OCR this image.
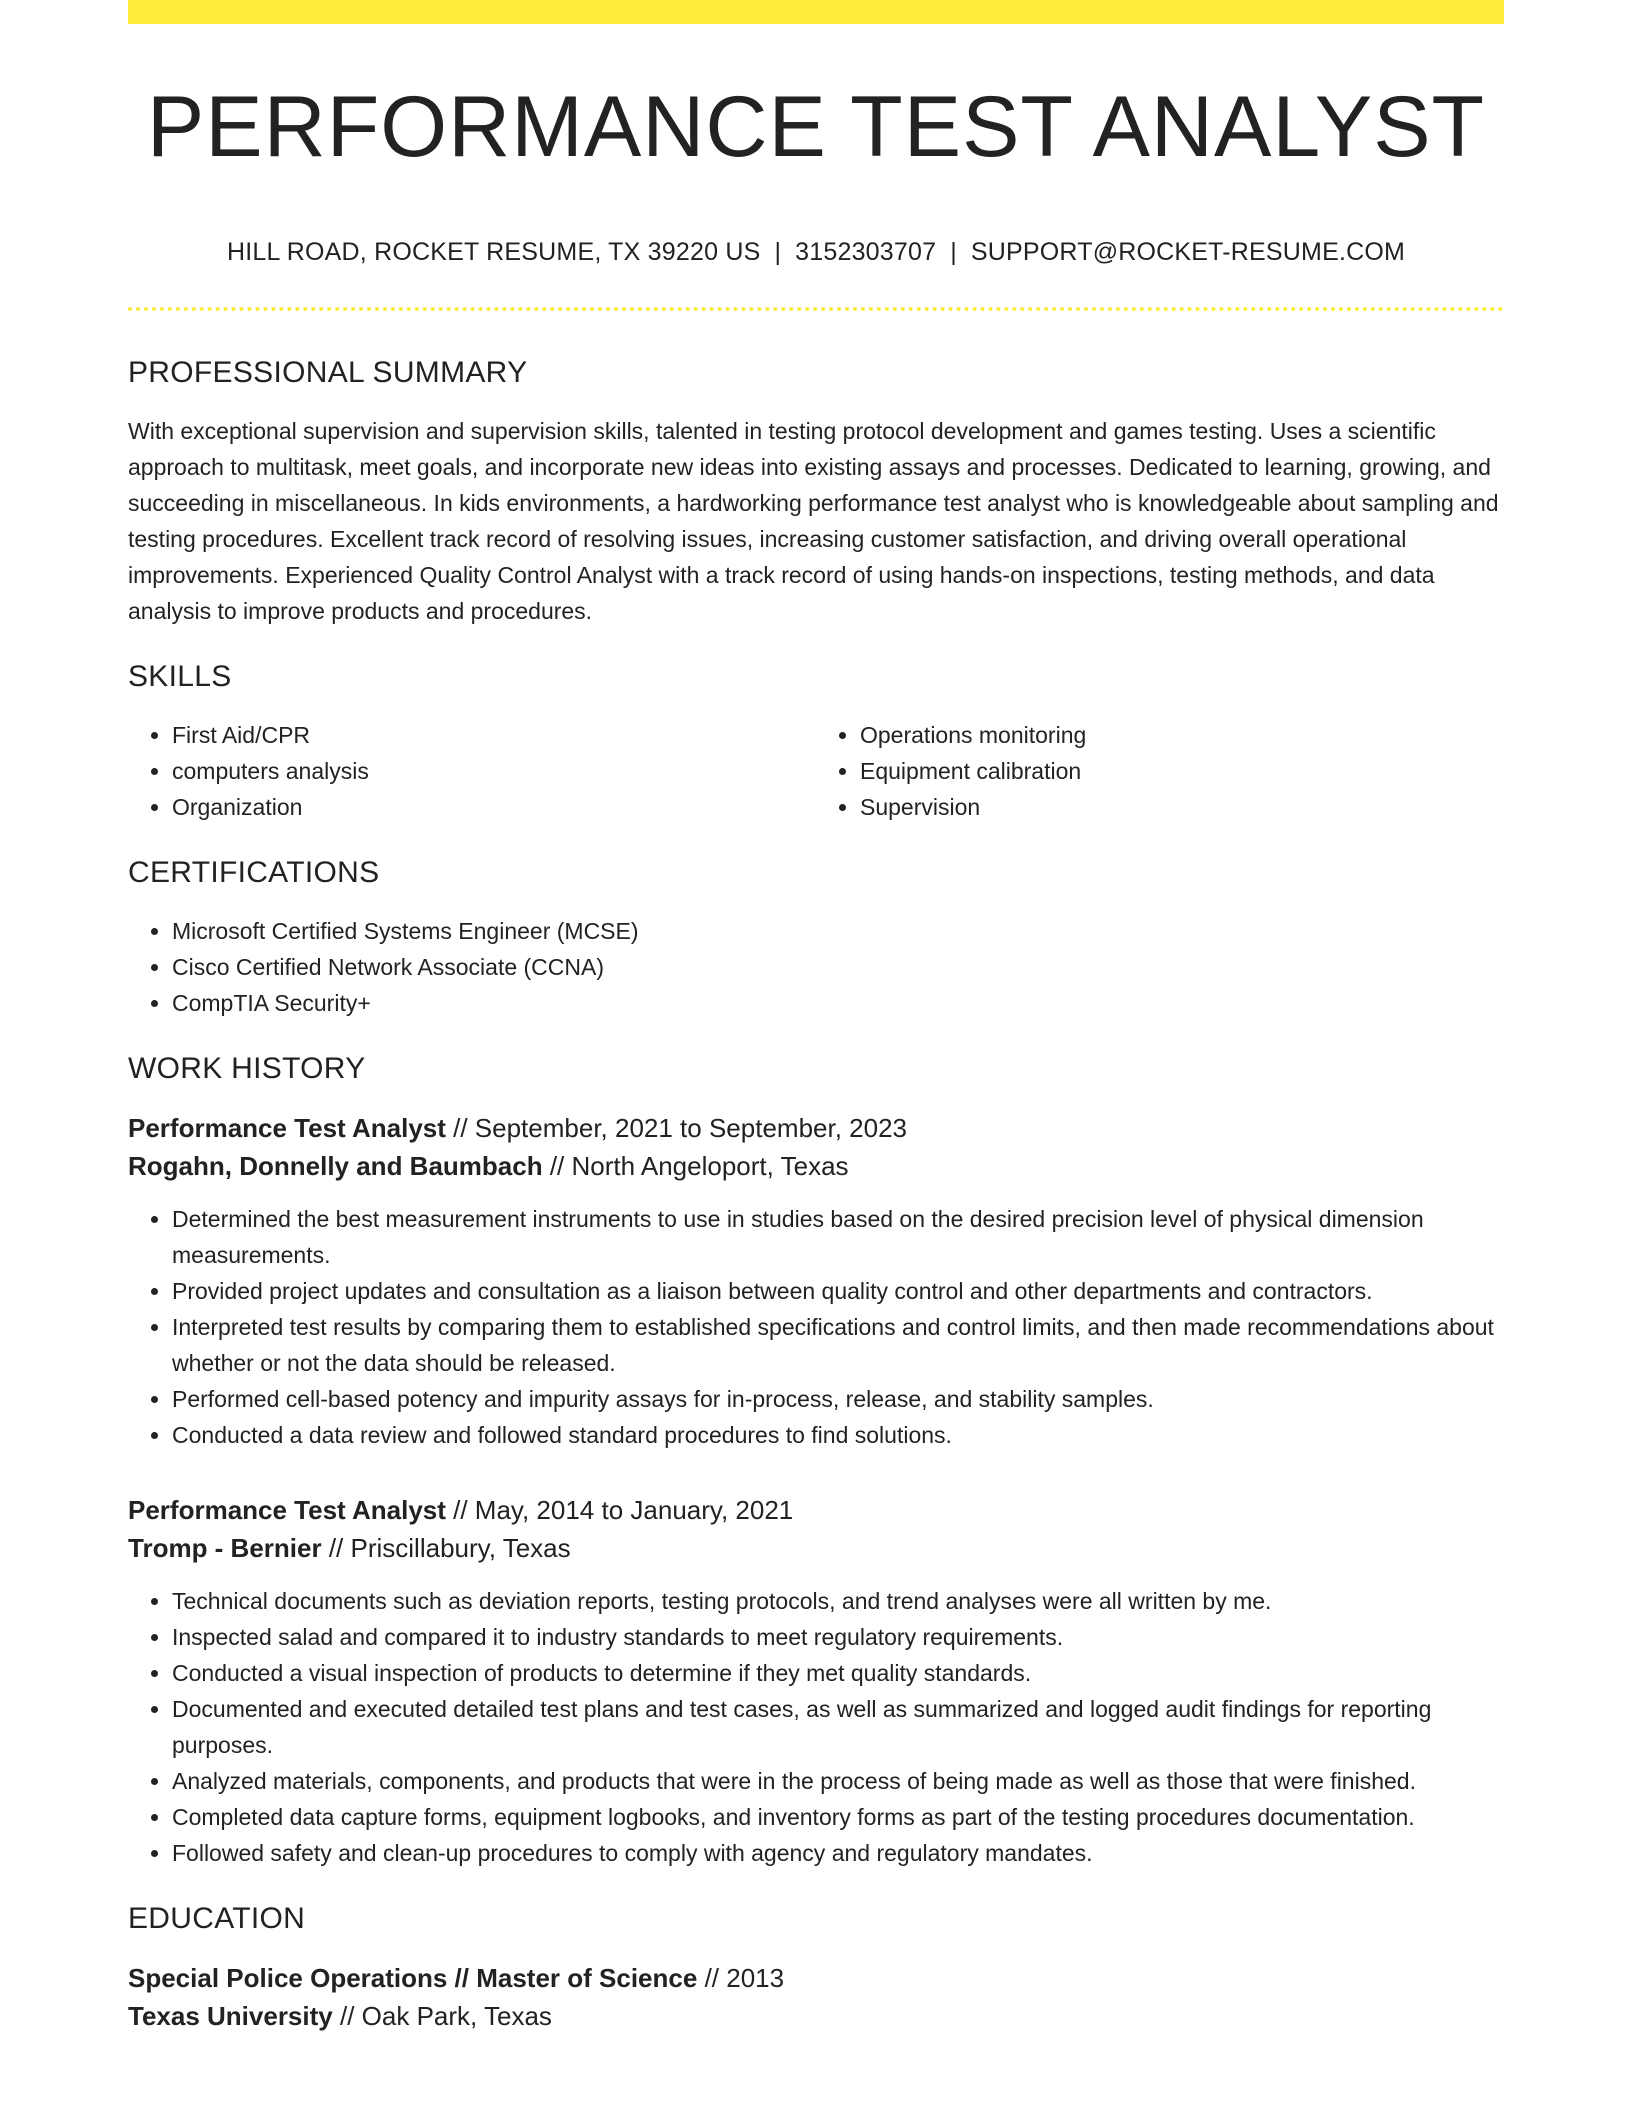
PERFORMANCE TEST ANALYST
HILL ROAD, ROCKET RESUME, TX 39220 US | 3152303707 | SUPPORT@ROCKET-RESUME.COM
PROFESSIONAL SUMMARY

With exceptional supervision and supervision skills, talented in testing protocol development and games testing. Uses a scientific approach to multitask, meet goals, and incorporate new ideas into existing assays and processes. Dedicated to learning, growing, and succeeding in miscellaneous. In kids environments, a hardworking performance test analyst who is knowledgeable about sampling and testing procedures. Excellent track record of resolving issues, increasing customer satisfaction, and driving overall operational improvements. Experienced Quality Control Analyst with a track record of using hands-on inspections, testing methods, and data analysis to improve products and procedures.

SKILLS
• First Aid/CPR
• computers analysis
• Organization
• Operations monitoring
• Equipment calibration
• Supervision
CERTIFICATIONS
• Microsoft Certified Systems Engineer (MCSE)
• Cisco Certified Network Associate (CCNA)
• CompTIA Security+
WORK HISTORY
Performance Test Analyst // September, 2021 to September, 2023
Rogahn, Donnelly and Baumbach // North Angeloport, Texas
• Determined the best measurement instruments to use in studies based on the desired precision level of physical dimension measurements.
• Provided project updates and consultation as a liaison between quality control and other departments and contractors.
• Interpreted test results by comparing them to established specifications and control limits, and then made recommendations about whether or not the data should be released.
• Performed cell-based potency and impurity assays for in-process, release, and stability samples.
• Conducted a data review and followed standard procedures to find solutions.
Performance Test Analyst // May, 2014 to January, 2021
Tromp - Bernier // Priscillabury, Texas
• Technical documents such as deviation reports, testing protocols, and trend analyses were all written by me.
• Inspected salad and compared it to industry standards to meet regulatory requirements.
• Conducted a visual inspection of products to determine if they met quality standards.
• Documented and executed detailed test plans and test cases, as well as summarized and logged audit findings for reporting purposes.
• Analyzed materials, components, and products that were in the process of being made as well as those that were finished.
• Completed data capture forms, equipment logbooks, and inventory forms as part of the testing procedures documentation.
• Followed safety and clean-up procedures to comply with agency and regulatory mandates.
EDUCATION
Special Police Operations // Master of Science // 2013
Texas University // Oak Park, Texas
